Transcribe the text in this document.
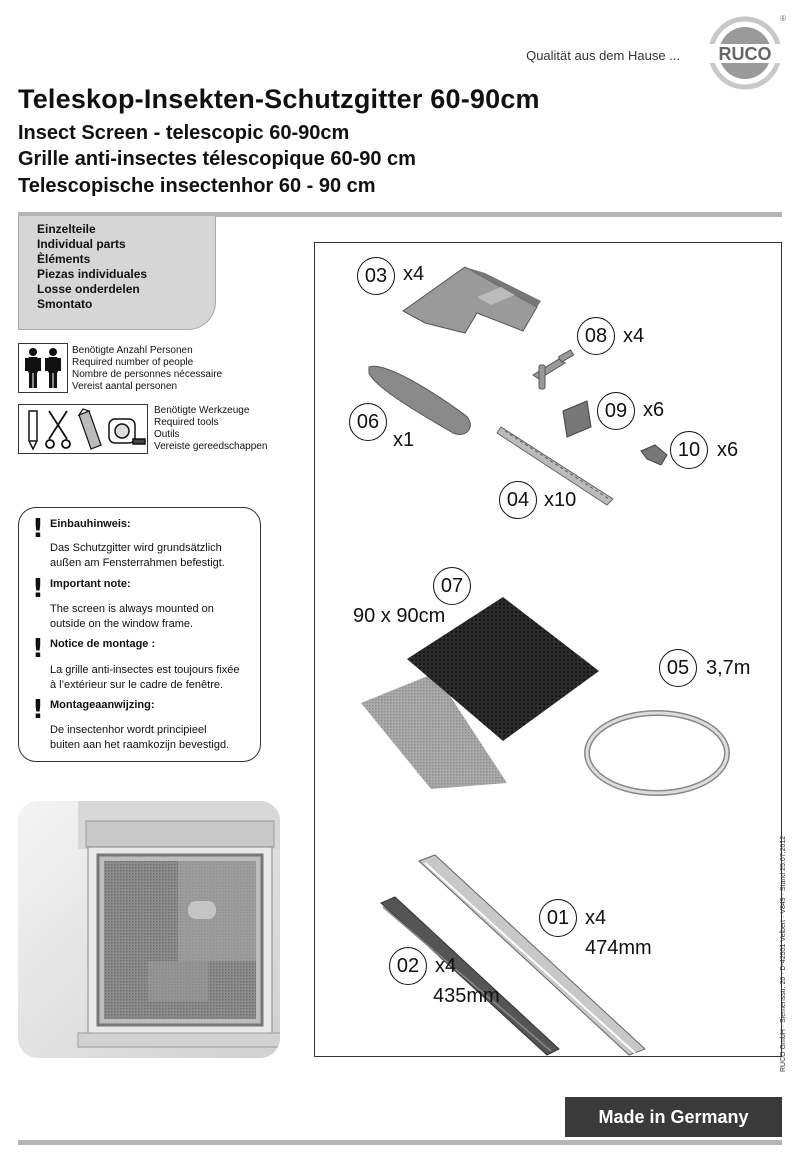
Qualität aus dem Hause ... RUCO
®
Teleskop-Insekten-Schutzgitter 60-90cm
Insect Screen - telescopic 60-90cm
Grille anti-insectes télescopique 60-90 cm
Telescopische insectenhor 60 - 90 cm
Einzelteile
Individual parts
Èléments
Piezas individuales
Losse onderdelen
Smontato
Benötigte Anzahl Personen
Required number of people
Nombre de personnes nécessaire
Vereist aantal personen
Benötigte Werkzeuge
Required tools
Outils
Vereiste gereedschappen
! Einbauhinweis:
Das Schutzgitter wird grundsätzlich
außen am Fensterrahmen befestigt.
! Important note:
The screen is always mounted on
outside on the window frame.
! Notice de montage :
La grille anti-insectes est toujours fixée
à l’extérieur sur le cadre de fenêtre.
! Montageaanwijzing:
De insectenhor wordt principieel
buiten aan het raamkozijn bevestigd.
03 x4
08 x4
06
x1
09 x6
10 x6
04 x10
07
90 x 90cm
05 3,7m
01 x4
474mm
02 x4
435mm	RUCO GmbH · Siemensstr. 20 · D-42551 Velbert · V849 · Stand 25.07.2012
Made in Germany
